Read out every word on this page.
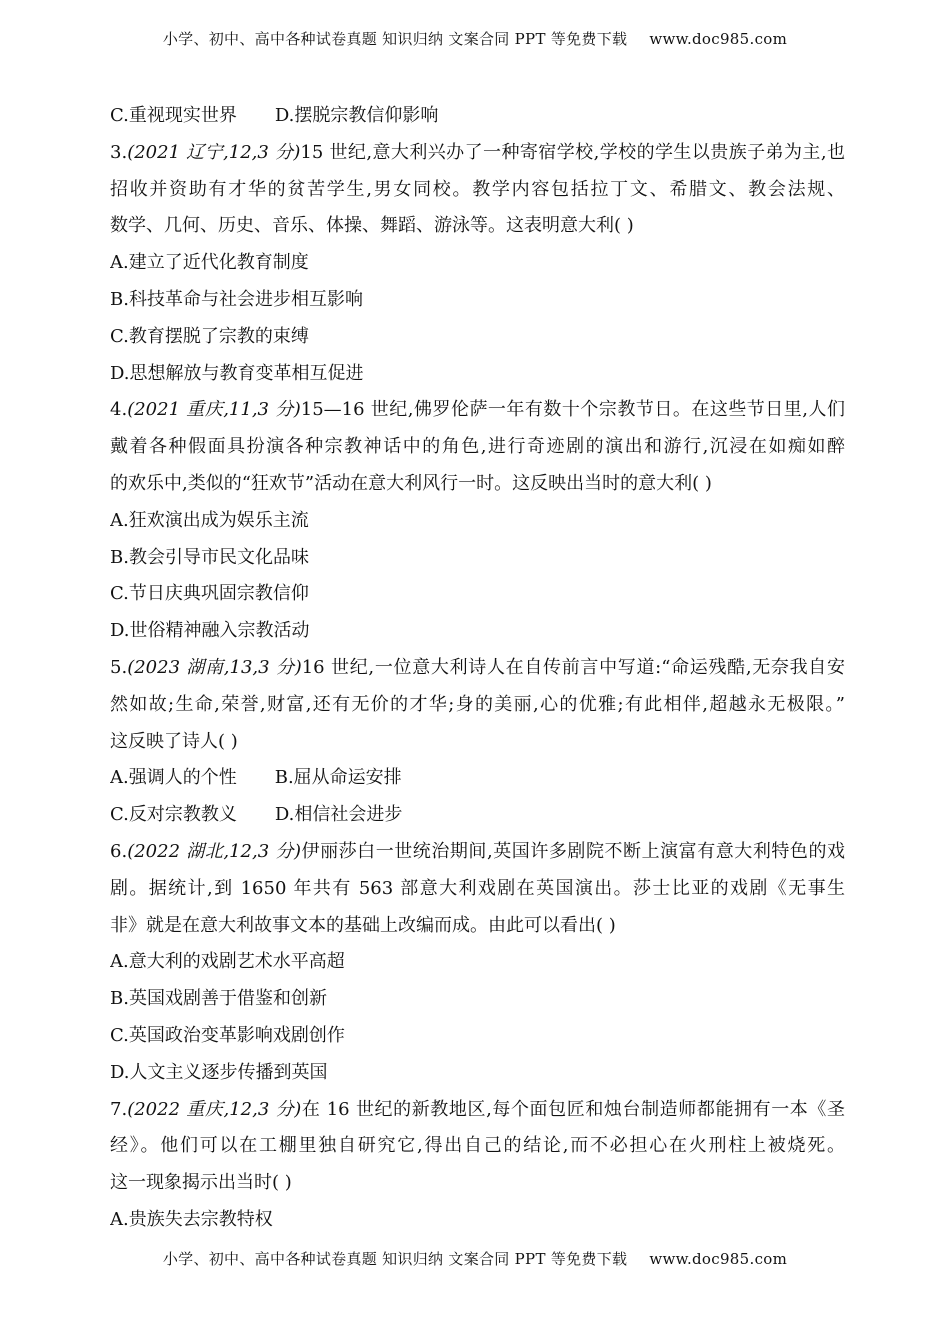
小学、初中、高中各种试卷真题 知识归纳 文案合同 PPT 等免费下载 www.doc985.com
C.重视现实世界 D.摆脱宗教信仰影响
3.(2021 辽宁,12,3 分)15 世纪,意大利兴办了一种寄宿学校,学校的学生以贵族子弟为主,也
招收并资助有才华的贫苦学生,男女同校。教学内容包括拉丁文、希腊文、教会法规、
数学、几何、历史、音乐、体操、舞蹈、游泳等。这表明意大利( )
A.建立了近代化教育制度
B.科技革命与社会进步相互影响
C.教育摆脱了宗教的束缚
D.思想解放与教育变革相互促进
4.(2021 重庆,11,3 分)15—16 世纪,佛罗伦萨一年有数十个宗教节日。在这些节日里,人们
戴着各种假面具扮演各种宗教神话中的角色,进行奇迹剧的演出和游行,沉浸在如痴如醉
的欢乐中,类似的“狂欢节”活动在意大利风行一时。这反映出当时的意大利( )
A.狂欢演出成为娱乐主流
B.教会引导市民文化品味
C.节日庆典巩固宗教信仰
D.世俗精神融入宗教活动
5.(2023 湖南,13,3 分)16 世纪,一位意大利诗人在自传前言中写道:“命运残酷,无奈我自安
然如故;生命,荣誉,财富,还有无价的才华;身的美丽,心的优雅;有此相伴,超越永无极限。”
这反映了诗人( )
A.强调人的个性 B.屈从命运安排
C.反对宗教教义 D.相信社会进步
6.(2022 湖北,12,3 分)伊丽莎白一世统治期间,英国许多剧院不断上演富有意大利特色的戏
剧。据统计,到 1650 年共有 563 部意大利戏剧在英国演出。莎士比亚的戏剧《无事生
非》就是在意大利故事文本的基础上改编而成。由此可以看出( )
A.意大利的戏剧艺术水平高超
B.英国戏剧善于借鉴和创新
C.英国政治变革影响戏剧创作
D.人文主义逐步传播到英国
7.(2022 重庆,12,3 分)在 16 世纪的新教地区,每个面包匠和烛台制造师都能拥有一本《圣
经》。他们可以在工棚里独自研究它,得出自己的结论,而不必担心在火刑柱上被烧死。
这一现象揭示出当时( )
A.贵族失去宗教特权
小学、初中、高中各种试卷真题 知识归纳 文案合同 PPT 等免费下载 www.doc985.com
